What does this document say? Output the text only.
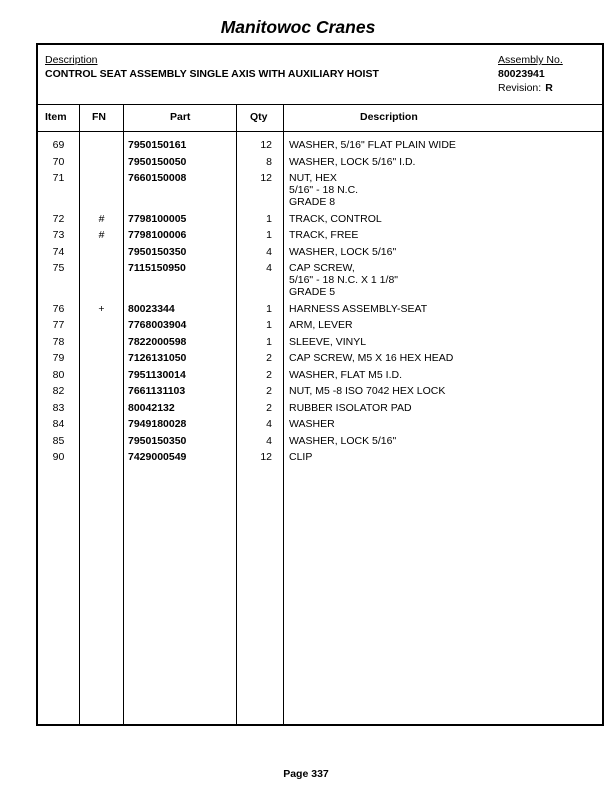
Manitowoc Cranes
Description
CONTROL SEAT ASSEMBLY SINGLE AXIS WITH AUXILIARY HOIST
Assembly No.
80023941
Revision: R
Item FN	Part	Qty	Description
69	7950150161	12 WASHER, 5/16" FLAT PLAIN WIDE
70	7950150050	8 WASHER, LOCK 5/16" I.D.
71	7660150008	12 NUT, HEX
5/16" - 18 N.C.
GRADE 8
72	#	7798100005	1 TRACK, CONTROL
73	#	7798100006	1 TRACK, FREE
74	7950150350	4 WASHER, LOCK 5/16"
75	7115150950	4 CAP SCREW,
5/16" - 18 N.C. X 1 1/8"
GRADE 5
76	+	80023344	1 HARNESS ASSEMBLY-SEAT
77	7768003904	1 ARM, LEVER
78	7822000598	1 SLEEVE, VINYL
79	7126131050	2 CAP SCREW, M5 X 16 HEX HEAD
80	7951130014	2 WASHER, FLAT M5 I.D.
82	7661131103	2 NUT, M5 -8 ISO 7042 HEX LOCK
83	80042132	2 RUBBER ISOLATOR PAD
84	7949180028	4 WASHER
85	7950150350	4 WASHER, LOCK 5/16"
90	7429000549	12 CLIP
Page 337
